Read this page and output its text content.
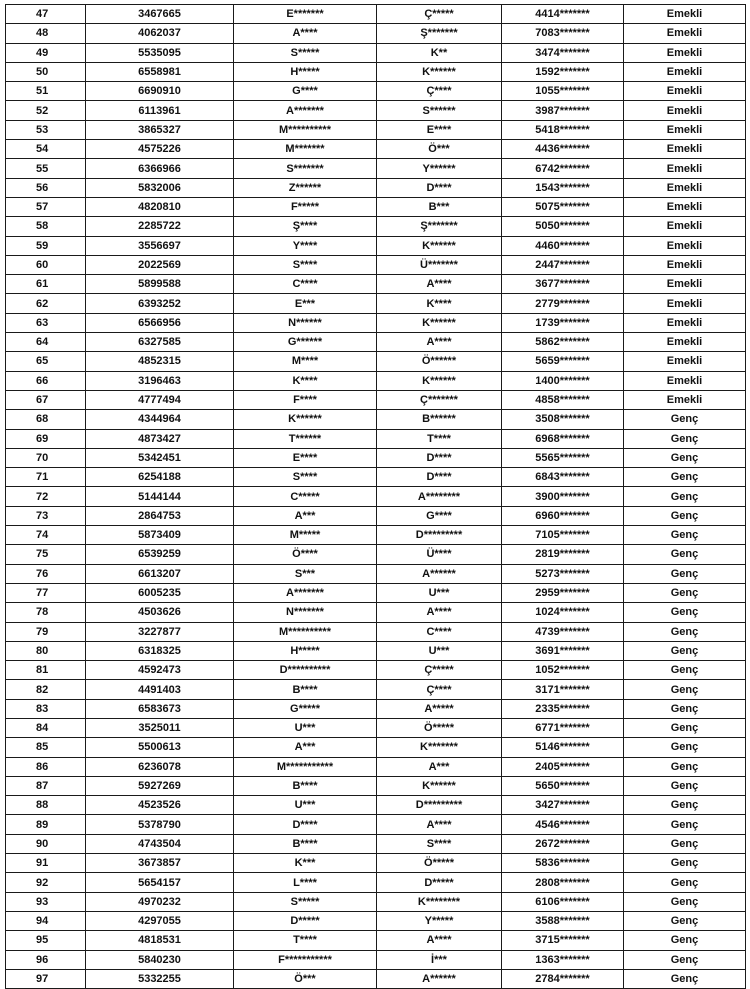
47	3467665	E*******	Ç*****	4414*******	Emekli
48	4062037	A****	Ş*******	7083*******	Emekli
49	5535095	S*****	K**	3474*******	Emekli
50	6558981	H*****	K******	1592*******	Emekli
51	6690910	G****	Ç****	1055*******	Emekli
52	6113961	A*******	S******	3987*******	Emekli
53	3865327	M**********	E****	5418*******	Emekli
54	4575226	M*******	Ö***	4436*******	Emekli
55	6366966	S*******	Y******	6742*******	Emekli
56	5832006	Z******	D****	1543*******	Emekli
57	4820810	F*****	B***	5075*******	Emekli
58	2285722	Ş****	Ş*******	5050*******	Emekli
59	3556697	Y****	K******	4460*******	Emekli
60	2022569	S****	Ü*******	2447*******	Emekli
61	5899588	C****	A****	3677*******	Emekli
62	6393252	E***	K****	2779*******	Emekli
63	6566956	N******	K******	1739*******	Emekli
64	6327585	G******	A****	5862*******	Emekli
65	4852315	M****	Ö******	5659*******	Emekli
66	3196463	K****	K******	1400*******	Emekli
67	4777494	F****	Ç*******	4858*******	Emekli
68	4344964	K******	B******	3508*******	Genç
69	4873427	T******	T****	6968*******	Genç
70	5342451	E****	D****	5565*******	Genç
71	6254188	S****	D****	6843*******	Genç
72	5144144	C*****	A********	3900*******	Genç
73	2864753	A***	G****	6960*******	Genç
74	5873409	M*****	D*********	7105*******	Genç
75	6539259	Ö****	Ü****	2819*******	Genç
76	6613207	S***	A******	5273*******	Genç
77	6005235	A*******	U***	2959*******	Genç
78	4503626	N*******	A****	1024*******	Genç
79	3227877	M**********	C****	4739*******	Genç
80	6318325	H*****	U***	3691*******	Genç
81	4592473	D**********	Ç*****	1052*******	Genç
82	4491403	B****	Ç****	3171*******	Genç
83	6583673	G*****	A*****	2335*******	Genç
84	3525011	U***	Ö*****	6771*******	Genç
85	5500613	A***	K*******	5146*******	Genç
86	6236078	M***********	A***	2405*******	Genç
87	5927269	B****	K******	5650*******	Genç
88	4523526	U***	D*********	3427*******	Genç
89	5378790	D****	A****	4546*******	Genç
90	4743504	B****	S****	2672*******	Genç
91	3673857	K***	Ö*****	5836*******	Genç
92	5654157	L****	D*****	2808*******	Genç
93	4970232	S*****	K********	6106*******	Genç
94	4297055	D*****	Y*****	3588*******	Genç
95	4818531	T****	A****	3715*******	Genç
96	5840230	F***********	İ***	1363*******	Genç
97	5332255	Ö***	A******	2784*******	Genç
